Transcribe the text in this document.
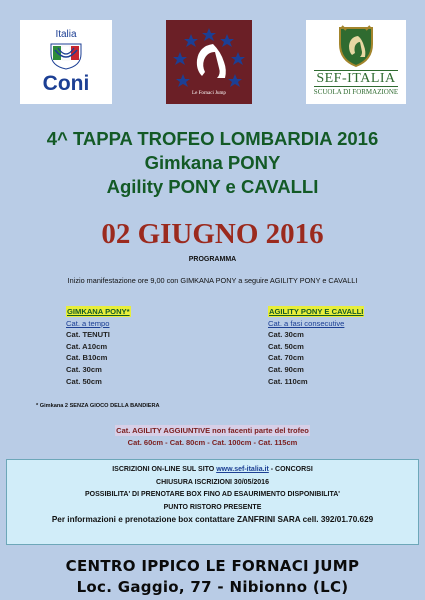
Italia
Coni	Le Fornaci Jump
SEF-ITALIA
SCUOLA DI FORMAZIONE
4^ TAPPA TROFEO LOMBARDIA 2016
Gimkana PONY
Agility PONY e CAVALLI
02 GIUGNO 2016
PROGRAMMA
Inizio manifestazione ore 9,00 con GIMKANA PONY a seguire AGILITY PONY e CAVALLI
GIMKANA PONY*
Cat. a tempo
Cat. TENUTI
Cat. A10cm
Cat. B10cm
Cat. 30cm
Cat. 50cm
AGILITY PONY E CAVALLI
Cat. a fasi consecutive
Cat. 30cm
Cat. 50cm
Cat. 70cm
Cat. 90cm
Cat. 110cm
* Gimkana 2 SENZA GIOCO DELLA BANDIERA
Cat. AGILITY AGGIUNTIVE non facenti parte del trofeo
Cat. 60cm - Cat. 80cm - Cat. 100cm - Cat. 115cm
ISCRIZIONI ON-LINE SUL SITO www.sef-italia.it - CONCORSI
CHIUSURA ISCRIZIONI 30/05/2016
POSSIBILITA' DI PRENOTARE BOX FINO AD ESAURIMENTO DISPONIBILITA'
PUNTO RISTORO PRESENTE
Per informazioni e prenotazione box contattare ZANFRINI SARA cell. 392/01.70.629
CENTRO IPPICO LE FORNACI JUMP
Loc. Gaggio, 77 - Nibionno (LC)
